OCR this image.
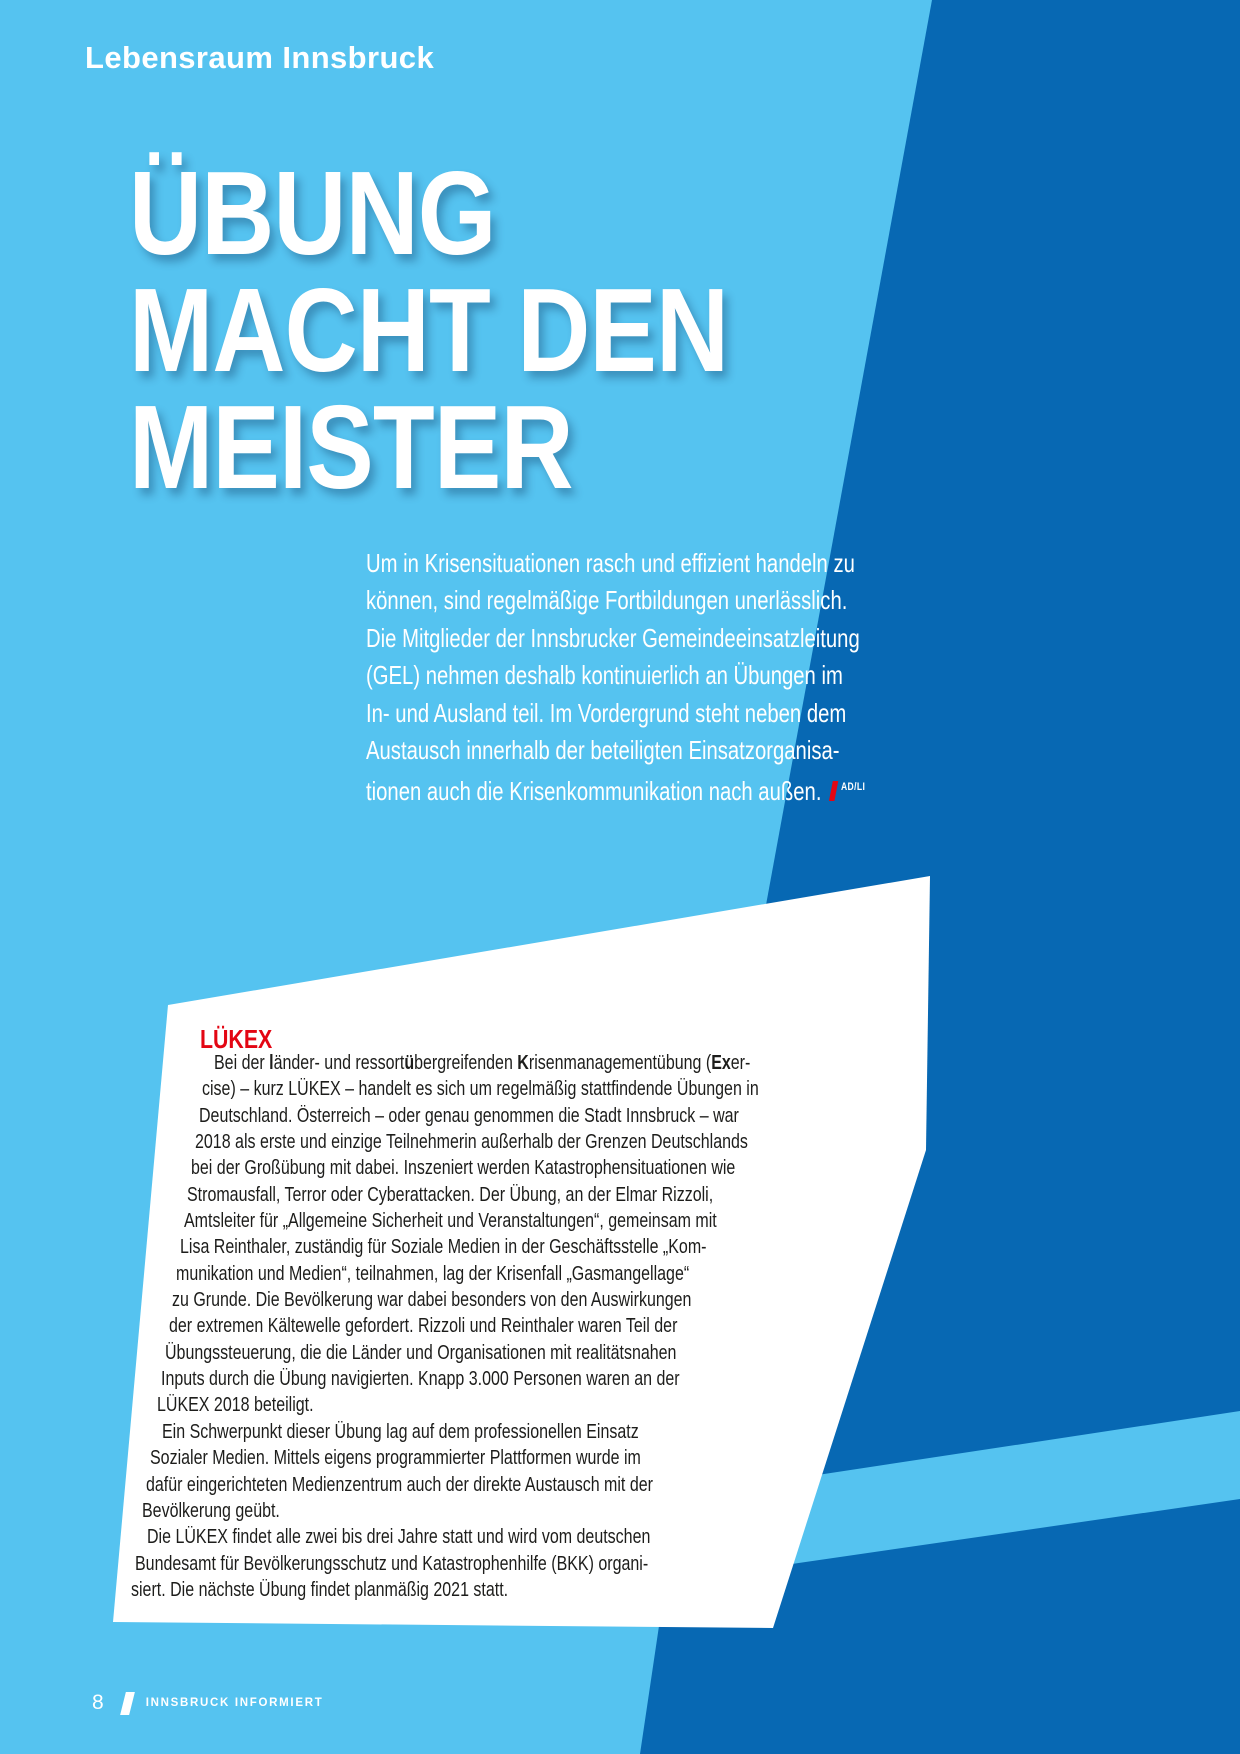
Lebensraum Innsbruck
ÜBUNG
MACHT DEN
MEISTER
Um in Krisensituationen rasch und effizient handeln zu
können, sind regelmäßige Fortbildungen unerlässlich.
Die Mitglieder der Innsbrucker Gemeindeeinsatzleitung
(GEL) nehmen deshalb kontinuierlich an Übungen im
In- und Ausland teil. Im Vordergrund steht neben dem
Austausch innerhalb der beteiligten Einsatzorganisa-
tionen auch die Krisenkommunikation nach außen. $^{AD/LI}$
LÜKEX
Bei der länder- und ressortübergreifenden Krisenmanagementübung (Exer-
cise) – kurz LÜKEX – handelt es sich um regelmäßig stattfindende Übungen in
Deutschland. Österreich – oder genau genommen die Stadt Innsbruck – war
2018 als erste und einzige Teilnehmerin außerhalb der Grenzen Deutschlands
bei der Großübung mit dabei. Inszeniert werden Katastrophensituationen wie
Stromausfall, Terror oder Cyberattacken. Der Übung, an der Elmar Rizzoli,
Amtsleiter für „Allgemeine Sicherheit und Veranstaltungen“, gemeinsam mit
Lisa Reinthaler, zuständig für Soziale Medien in der Geschäftsstelle „Kom-
munikation und Medien“, teilnahmen, lag der Krisenfall „Gasmangellage“
zu Grunde. Die Bevölkerung war dabei besonders von den Auswirkungen
der extremen Kältewelle gefordert. Rizzoli und Reinthaler waren Teil der
Übungssteuerung, die die Länder und Organisationen mit realitätsnahen
Inputs durch die Übung navigierten. Knapp 3.000 Personen waren an der
LÜKEX 2018 beteiligt.
Ein Schwerpunkt dieser Übung lag auf dem professionellen Einsatz
Sozialer Medien. Mittels eigens programmierter Plattformen wurde im
dafür eingerichteten Medienzentrum auch der direkte Austausch mit der
Bevölkerung geübt.
Die LÜKEX findet alle zwei bis drei Jahre statt und wird vom deutschen
Bundesamt für Bevölkerungsschutz und Katastrophenhilfe (BKK) organi-
siert. Die nächste Übung findet planmäßig 2021 statt.
8	INNSBRUCK INFORMIERT
